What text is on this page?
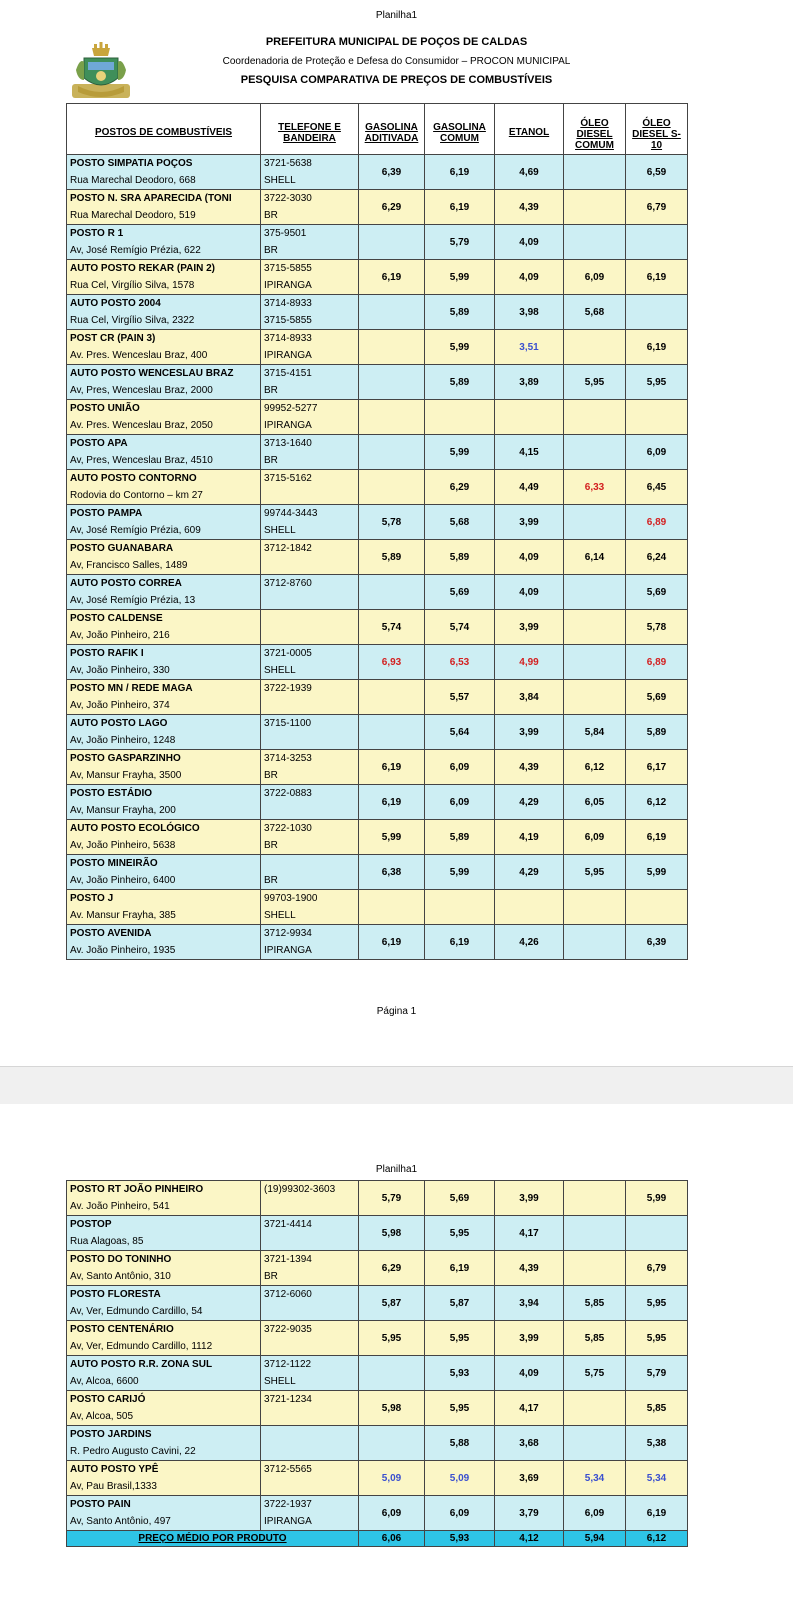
Planilha1
PREFEITURA MUNICIPAL DE POÇOS DE CALDAS
Coordenadoria de Proteção e Defesa do Consumidor – PROCON MUNICIPAL
PESQUISA COMPARATIVA DE PREÇOS DE COMBUSTÍVEIS
POSTOS DE COMBUSTÍVEIS	TELEFONE E BANDEIRA	GASOLINA ADITIVADA	GASOLINA COMUM	ETANOL	ÓLEO DIESEL COMUM	ÓLEO DIESEL S-10
POSTO SIMPATIA POÇOS	3721-5638	6,39	6,19	4,69		6,59
Rua Marechal Deodoro, 668	SHELL					
POSTO N. SRA APARECIDA (TONI	3722-3030	6,29	6,19	4,39		6,79
Rua Marechal Deodoro, 519	BR					
POSTO R 1	375-9501		5,79	4,09		
Av, José Remígio Prézia, 622	BR					
AUTO POSTO REKAR (PAIN 2)	3715-5855	6,19	5,99	4,09	6,09	6,19
Rua Cel, Virgílio Silva, 1578	IPIRANGA					
AUTO POSTO 2004	3714-8933		5,89	3,98	5,68	
Rua Cel, Virgílio Silva, 2322	3715-5855					
POST CR (PAIN 3)	3714-8933		5,99	3,51		6,19
Av. Pres. Wenceslau Braz, 400	IPIRANGA					
AUTO POSTO WENCESLAU BRAZ	3715-4151		5,89	3,89	5,95	5,95
Av, Pres, Wenceslau Braz, 2000	BR					
POSTO UNIÃO	99952-5277					
Av. Pres. Wenceslau Braz, 2050	IPIRANGA					
POSTO APA	3713-1640		5,99	4,15		6,09
Av, Pres, Wenceslau Braz, 4510	BR					
AUTO POSTO CONTORNO	3715-5162		6,29	4,49	6,33	6,45
Rodovia do Contorno – km 27						
POSTO PAMPA	99744-3443	5,78	5,68	3,99		6,89
Av, José Remígio Prézia, 609	SHELL					
POSTO GUANABARA	3712-1842	5,89	5,89	4,09	6,14	6,24
Av, Francisco Salles, 1489						
AUTO POSTO CORREA	3712-8760		5,69	4,09		5,69
Av, José Remígio Prézia, 13						
POSTO CALDENSE		5,74	5,74	3,99		5,78
Av, João Pinheiro, 216						
POSTO RAFIK I	3721-0005	6,93	6,53	4,99		6,89
Av, João Pinheiro, 330	SHELL					
POSTO MN / REDE MAGA	3722-1939		5,57	3,84		5,69
Av, João Pinheiro, 374						
AUTO POSTO LAGO	3715-1100		5,64	3,99	5,84	5,89
Av, João Pinheiro, 1248						
POSTO GASPARZINHO	3714-3253	6,19	6,09	4,39	6,12	6,17
Av, Mansur Frayha, 3500	BR					
POSTO ESTÁDIO	3722-0883	6,19	6,09	4,29	6,05	6,12
Av, Mansur Frayha, 200						
AUTO POSTO ECOLÓGICO	3722-1030	5,99	5,89	4,19	6,09	6,19
Av, João Pinheiro, 5638	BR					
POSTO MINEIRÃO		6,38	5,99	4,29	5,95	5,99
Av, João Pinheiro, 6400	BR					
POSTO J	99703-1900					
Av. Mansur Frayha, 385	SHELL					
POSTO AVENIDA	3712-9934	6,19	6,19	4,26		6,39
Av. João Pinheiro, 1935	IPIRANGA					
Página 1
Planilha1
POSTO RT JOÃO PINHEIRO	(19)99302-3603	5,79	5,69	3,99		5,99
Av. João Pinheiro, 541						
POSTOP	3721-4414	5,98	5,95	4,17		
Rua Alagoas, 85						
POSTO DO TONINHO	3721-1394	6,29	6,19	4,39		6,79
Av, Santo Antônio, 310	BR					
POSTO FLORESTA	3712-6060	5,87	5,87	3,94	5,85	5,95
Av, Ver, Edmundo Cardillo, 54						
POSTO CENTENÁRIO	3722-9035	5,95	5,95	3,99	5,85	5,95
Av, Ver, Edmundo Cardillo, 1112						
AUTO POSTO R.R. ZONA SUL	3712-1122		5,93	4,09	5,75	5,79
Av, Alcoa, 6600	SHELL					
POSTO CARIJÓ	3721-1234	5,98	5,95	4,17		5,85
Av, Alcoa, 505						
POSTO JARDINS			5,88	3,68		5,38
R. Pedro Augusto Cavini, 22						
AUTO POSTO YPÊ	3712-5565	5,09	5,09	3,69	5,34	5,34
Av, Pau Brasil,1333						
POSTO PAIN	3722-1937	6,09	6,09	3,79	6,09	6,19
Av, Santo Antônio, 497	IPIRANGA					
PREÇO MÉDIO POR PRODUTO		6,06	5,93	4,12	5,94	6,12
